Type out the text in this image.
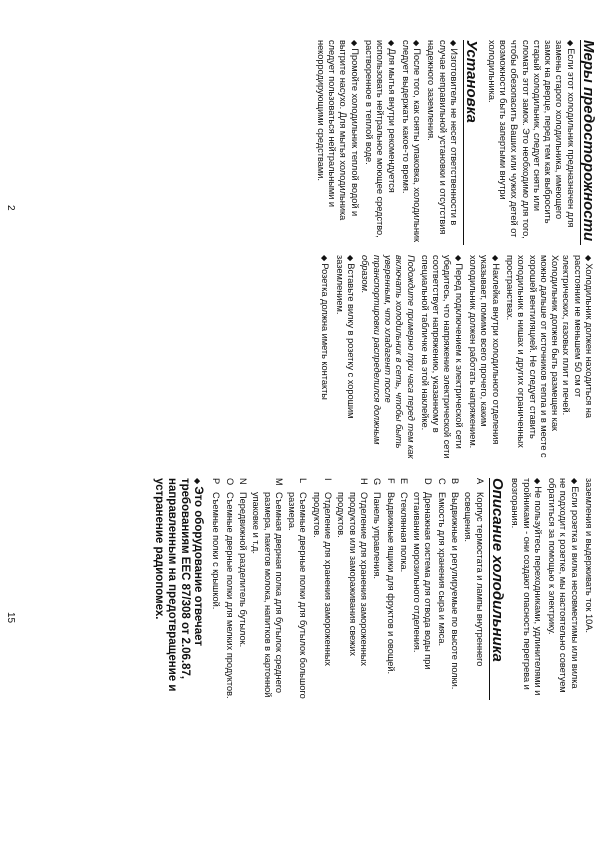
Меры предосторожности

◆ Если этот холодильник предназначен для замены старого холодильника, имеющего замок на дверце, перед тем как выбросить старый холодильник, следует снять или сломать этот замок. Это необходимо для того, чтобы обезопасить Ваших или чужих детей от возможности быть запертыми внутри холодильника.

Установка

◆ Изготовитель не несет ответственности в случае неправильной установки и отсутствия надежного заземления.

◆ После того, как сняты упаковка, холодильник следует выдержать какое-то время.

◆ Для мытья внутри рекомендуется использовать нейтральное моющее средство, растворенное в теплой воде.

◆ Промойте холодильник теплой водой и вытрите насухо. Для мытья холодильника следует пользоваться нейтральными и некорродирующими средствами.

◆ Холодильник должен находиться на расстоянии не меньшем 50 см от электрических, газовых плит и печей. Холодильник должен быть размещен как можно дальше от источников тепла и в месте с хорошей вентиляцией. Не следует ставить холодильник в нишах и других ограниченных пространствах.

◆ Наклейка внутри холодильного отделения указывает, помимо всего прочего, каким холодильник должен работать напряжением.

◆ Перед подключением к электрической сети убедитесь, что напряжение электрической сети соответствует напряжению, указанному в специальной табличке на этой наклейке.

Подождите примерно три часа перед тем как включать холодильник в сеть, чтобы быть уверенным, что хладагент после транспортировки распределился должным образом.

◆ Вставьте вилку в розетку с хорошим заземлением.

◆ Розетка должна иметь контакты

заземления и выдерживать ток 10А.

◆ Если розетка и вилка несовместимы или вилка не подходит к розетке, мы настоятельно советуем обратиться за помощью к электрику.

◆ Не пользуйтесь переходниками, удлинителями и тройниками - они создают опасность перегрева и возгорания.

Описание холодильника
A
Корпус термостата и лампы внутреннего освещения.
B
Выдвижные и регулируемые по высоте полки.
C
Емкость для хранения сыра и мяса.
D
Дренажная система для отвода воды при оттаивании морозильного отделения.
E
Стеклянная полка.
F
Выдвижные ящики для фруктов и овощей.
G
Панель управления.
H
Отделение для хранения замороженных продуктов или замораживания свежих продуктов.
I
Отделение для хранения замороженных продуктов.
L
Съемные дверные полки для бутылок большого размера.
M
Съемная дверная полка для бутылок среднего размера, пакетов молока, напитков в картонной упаковке и т.д.
N
Передвижной разделитель бутылок.
O
Съемные дверные полки для мелких продуктов.
P
Съемные полки с крышкой.

◆ Это оборудование отвечает требованиям ЕЕС 87/308 от 2.06.87, направленным на предотвращение и устранение радиопомех.

2
15
